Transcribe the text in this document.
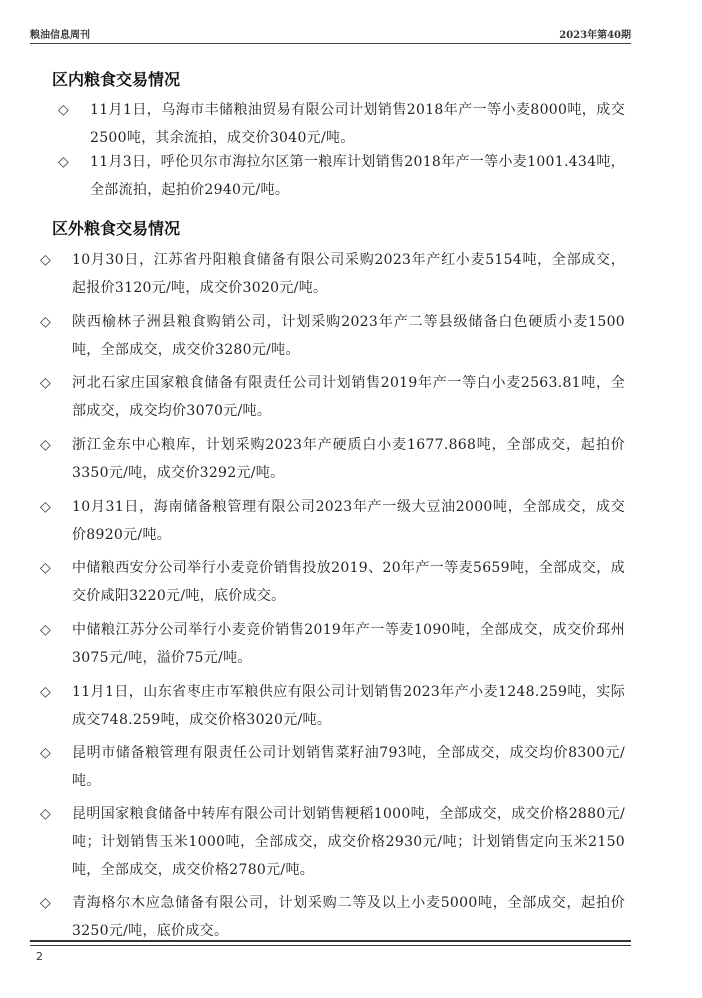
粮油信息周刊	2023年第40期
区内粮食交易情况
◇ 11月1日，乌海市丰储粮油贸易有限公司计划销售2018年产一等小麦8000吨，成交2500吨，其余流拍，成交价3040元/吨。
◇ 11月3日，呼伦贝尔市海拉尔区第一粮库计划销售2018年产一等小麦1001.434吨，全部流拍，起拍价2940元/吨。
区外粮食交易情况
◇ 10月30日，江苏省丹阳粮食储备有限公司采购2023年产红小麦5154吨，全部成交，起报价3120元/吨，成交价3020元/吨。
◇ 陕西榆林子洲县粮食购销公司，计划采购2023年产二等县级储备白色硬质小麦1500吨，全部成交，成交价3280元/吨。
◇ 河北石家庄国家粮食储备有限责任公司计划销售2019年产一等白小麦2563.81吨，全部成交，成交均价3070元/吨。
◇ 浙江金东中心粮库，计划采购2023年产硬质白小麦1677.868吨，全部成交，起拍价3350元/吨，成交价3292元/吨。
◇ 10月31日，海南储备粮管理有限公司2023年产一级大豆油2000吨，全部成交，成交价8920元/吨。
◇ 中储粮西安分公司举行小麦竞价销售投放2019、20年产一等麦5659吨，全部成交，成交价咸阳3220元/吨，底价成交。
◇ 中储粮江苏分公司举行小麦竞价销售2019年产一等麦1090吨，全部成交，成交价邳州3075元/吨，溢价75元/吨。
◇ 11月1日，山东省枣庄市军粮供应有限公司计划销售2023年产小麦1248.259吨，实际成交748.259吨，成交价格3020元/吨。
◇ 昆明市储备粮管理有限责任公司计划销售菜籽油793吨，全部成交，成交均价8300元/吨。
◇ 昆明国家粮食储备中转库有限公司计划销售粳稻1000吨，全部成交，成交价格2880元/吨；计划销售玉米1000吨，全部成交，成交价格2930元/吨；计划销售定向玉米2150吨，全部成交，成交价格2780元/吨。
◇ 青海格尔木应急储备有限公司，计划采购二等及以上小麦5000吨，全部成交，起拍价3250元/吨，底价成交。
2
